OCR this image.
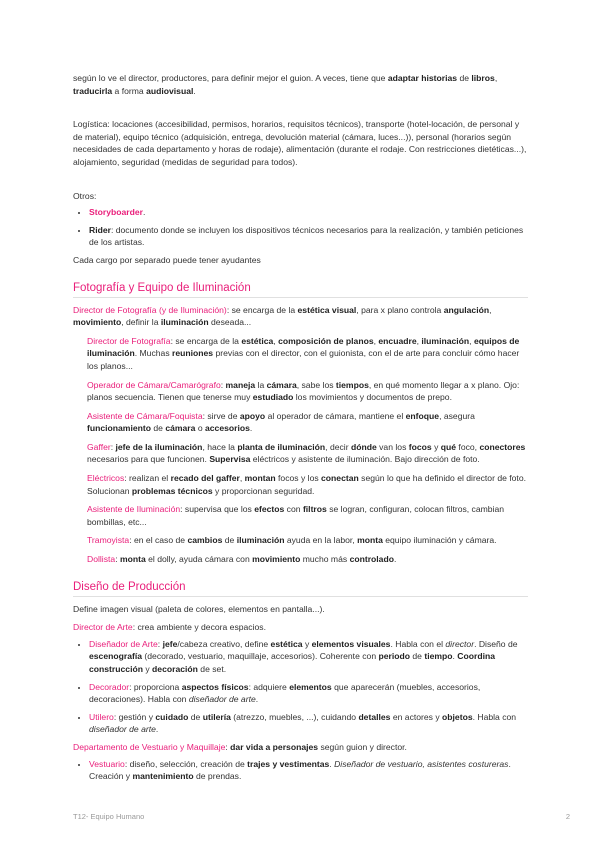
según lo ve el director, productores, para definir mejor el guion. A veces, tiene que adaptar historias de libros, traducirla a forma audiovisual.

Logística: locaciones (accesibilidad, permisos, horarios, requisitos técnicos), transporte (hotel-locación, de personal y de material), equipo técnico (adquisición, entrega, devolución material (cámara, luces...)), personal (horarios según necesidades de cada departamento y horas de rodaje), alimentación (durante el rodaje. Con restricciones dietéticas...), alojamiento, seguridad (medidas de seguridad para todos).

Otros:

• Storyboarder.
• Rider: documento donde se incluyen los dispositivos técnicos necesarios para la realización, y también peticiones de los artistas.

Cada cargo por separado puede tener ayudantes

Fotografía y Equipo de Iluminación

Director de Fotografía (y de Iluminación): se encarga de la estética visual, para x plano controla angulación, movimiento, definir la iluminación deseada...

Director de Fotografía: se encarga de la estética, composición de planos, encuadre, iluminación, equipos de iluminación. Muchas reuniones previas con el director, con el guionista, con el de arte para concluir cómo hacer los planos...

Operador de Cámara/Camarógrafo: maneja la cámara, sabe los tiempos, en qué momento llegar a x plano. Ojo: planos secuencia. Tienen que tenerse muy estudiado los movimientos y documentos de prepo.

Asistente de Cámara/Foquista: sirve de apoyo al operador de cámara, mantiene el enfoque, asegura funcionamiento de cámara o accesorios.

Gaffer: jefe de la iluminación, hace la planta de iluminación, decir dónde van los focos y qué foco, conectores necesarios para que funcionen. Supervisa eléctricos y asistente de iluminación. Bajo dirección de foto.

Eléctricos: realizan el recado del gaffer, montan focos y los conectan según lo que ha definido el director de foto. Solucionan problemas técnicos y proporcionan seguridad.

Asistente de Iluminación: supervisa que los efectos con filtros se logran, configuran, colocan filtros, cambian bombillas, etc...

Tramoyista: en el caso de cambios de iluminación ayuda en la labor, monta equipo iluminación y cámara.

Dollista: monta el dolly, ayuda cámara con movimiento mucho más controlado.

Diseño de Producción

Define imagen visual (paleta de colores, elementos en pantalla...).

Director de Arte: crea ambiente y decora espacios.

• Diseñador de Arte: jefe/cabeza creativo, define estética y elementos visuales. Habla con el director. Diseño de escenografía (decorado, vestuario, maquillaje, accesorios). Coherente con periodo de tiempo. Coordina construcción y decoración de set.
• Decorador: proporciona aspectos físicos: adquiere elementos que aparecerán (muebles, accesorios, decoraciones). Habla con diseñador de arte.
• Utilero: gestión y cuidado de utilería (atrezzo, muebles, ...), cuidando detalles en actores y objetos. Habla con diseñador de arte.

Departamento de Vestuario y Maquillaje: dar vida a personajes según guion y director.

• Vestuario: diseño, selección, creación de trajes y vestimentas. Diseñador de vestuario, asistentes costureras. Creación y mantenimiento de prendas.
T12- Equipo Humano	2
